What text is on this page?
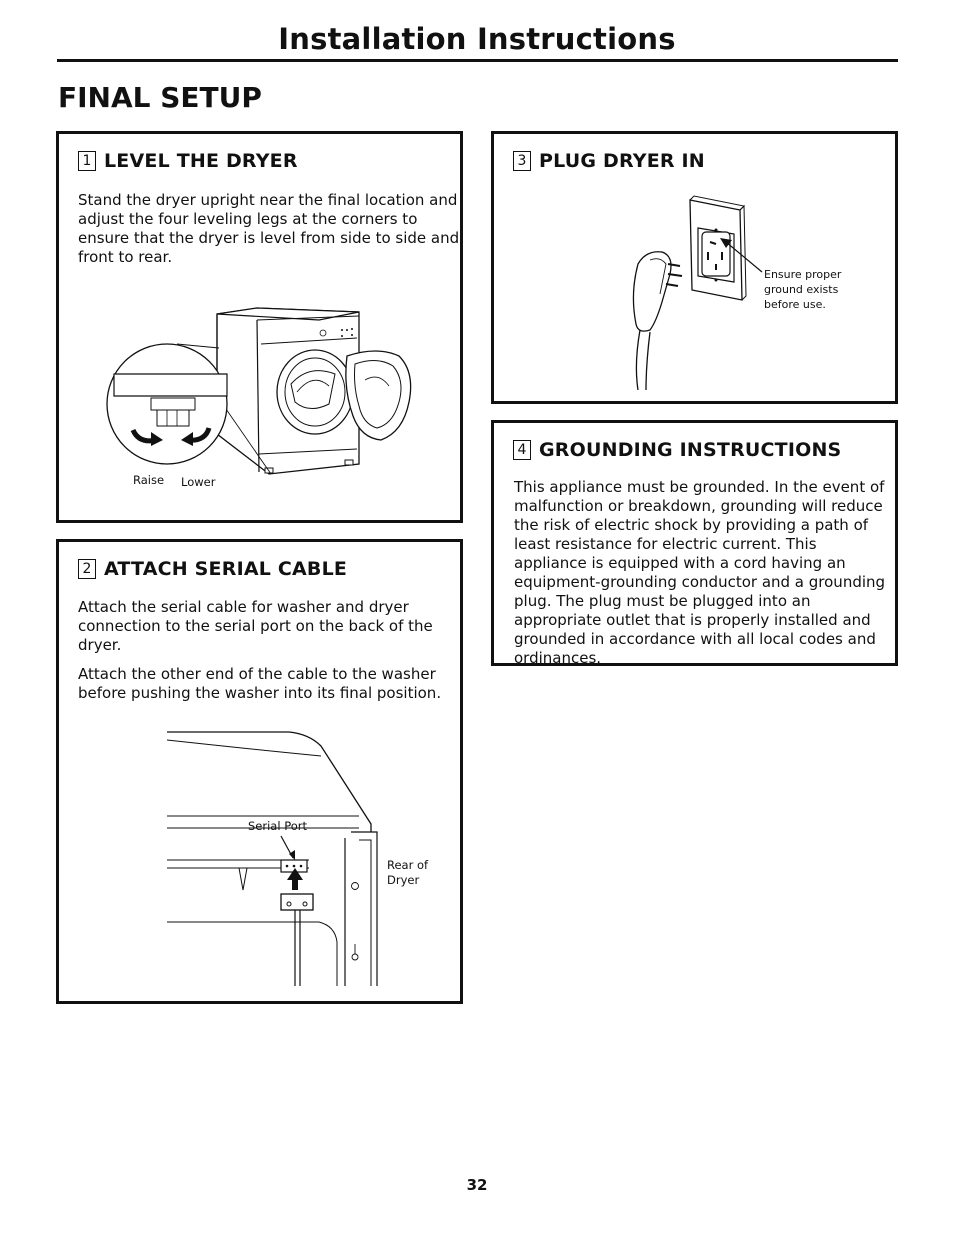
Installation Instructions
FINAL SETUP
1 LEVEL THE DRYER

Stand the dryer upright near the final location and adjust the four leveling legs at the corners to ensure that the dryer is level from side to side and front to rear.

Raise Lower
2 ATTACH SERIAL CABLE

Attach the serial cable for washer and dryer connection to the serial port on the back of the dryer.

Attach the other end of the cable to the washer before pushing the washer into its final position.

Serial Port
Rear of Dryer
3 PLUG DRYER IN
Ensure proper ground exists before use.
4 GROUNDING INSTRUCTIONS

This appliance must be grounded. In the event of malfunction or breakdown, grounding will reduce the risk of electric shock by providing a path of least resistance for electric current. This appliance is equipped with a cord having an equipment-grounding conductor and a grounding plug. The plug must be plugged into an appropriate outlet that is properly installed and grounded in accordance with all local codes and ordinances.

32
